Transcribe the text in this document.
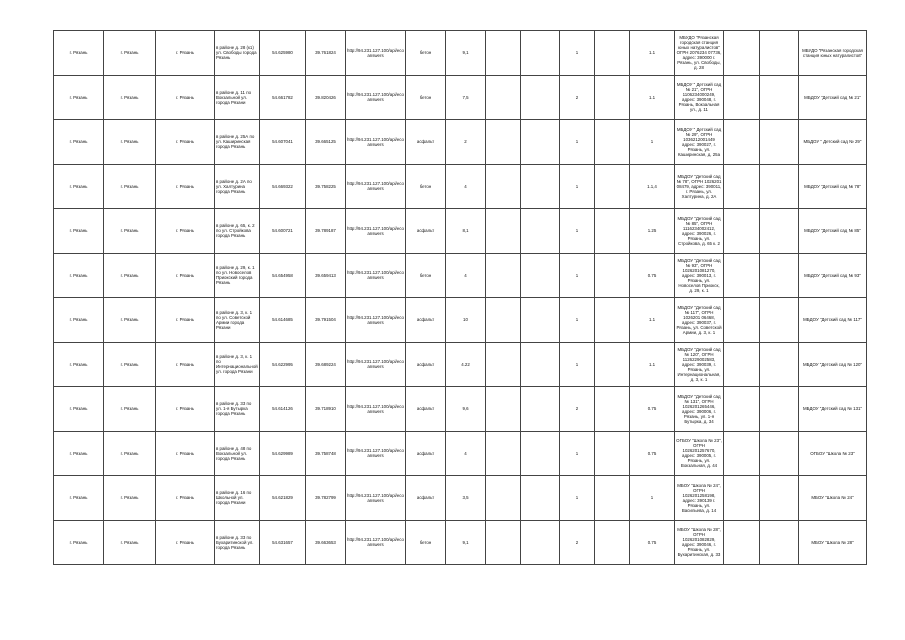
г. Рязань	г. Рязань	г. Рязань	в районе д. 28 (к1) ул. Свободы города Рязань	54.625980	39.761824	http://94.231.127.100/api/ecoanswers	бетон	9,1			1		1.1	МБУДО "Рязанская городская станция юных натуралистов" ОГРН 2076234 07736, адрес: 390000 г. Рязань, ул. Свободы, д. 28			МБУДО "Рязанская городская станция юных натуралистов"
г. Рязань	г. Рязань	г. Рязань	в районе д. 11 по Вокзальной ул. города Рязани	54.661782	39.820426	http://94.231.127.100/api/ecoanswers	бетон	7,5			2		1.1	МБДОУ " Детский сад № 21", ОГРН 1106234000249, адрес: 390048, г. Рязань, Вокзальная ул., д. 11			МБДОУ "Детский сад № 21"
г. Рязань	г. Рязань	г. Рязань	в районе д. 25А по ул. Каширинская города Рязань	54.607041	39.665125	http://94.231.127.100/api/ecoanswers	асфальт	2			1		1	МБДОУ " Детский сад № 29", ОГРН 1036212001449 адрес: 390027, г. Рязань, ул. Каширинская, д. 25а			МБДОУ " Детский сад № 29"
г. Рязань	г. Рязань	г. Рязань	в районе д. 2А по ул. Халтурина города Рязань	54.669322	39.758225	http://94.231.127.100/api/ecoanswers	бетон	4			1		1.1,4	МБДОУ "Детский сад № 78", ОГРН 1026201 08479, адрес: 390011, г. Рязань, ул. Халтурина, д. 2А			МБДОУ "Детский сад № 78"
г. Рязань	г. Рязань	г. Рязань	в районе д. 65, к. 2 по ул. Стройкова города Рязань	54.600721	39.789187	http://94.231.127.100/api/ecoanswers	асфальт	8,1			1		1.25	МБДОУ "Детский сад № 85", ОГРН 1116234002412, адрес: 390026, г. Рязань, ул. Стройкова, д. 65 к. 2			МБДОУ "Детский сад № 85"
г. Рязань	г. Рязань	г. Рязань	в районе д. 29, к. 1 по ул. Новоселов Приокский города Рязань	54.654958	39.659413	http://94.231.127.100/api/ecoanswers	бетон	4			1		0.75	МБДОУ "Детский сад № 93", ОГРН 1026201081270, адрес: 390013, г. Рязань, ул. Новоселов Приокск, д. 29, к. 1			МБДОУ "Детский сад № 93"
г. Рязань	г. Рязань	г. Рязань	в районе д. 3, к. 1 по ул. Советской Армии города Рязани	54.614685	39.791504	http://94.231.127.100/api/ecoanswers	асфальт	10			1		1.1	МБДОУ "Детский сад № 117", ОГРН 1026201 06468, адрес: 390037, г. Рязань, ул. Советской Армии, д. 3, к. 1			МБДОУ "Детский сад № 117"
г. Рязань	г. Рязань	г. Рязань	в районе д. 3, к. 1 по Интернациональной ул. города Рязани	54.622995	39.689224	http://94.231.127.100/api/ecoanswers	асфальт	4.22			1		1.1	МБДОУ "Детский сад № 120", ОГРН 1126229002583, адрес: 390039, г. Рязань, ул. Интернациональная, д. 3, к. 1			МБДОУ "Детский сад № 120"
г. Рязань	г. Рязань	г. Рязань	в районе д. 33 по ул. 1-я Бутырка города Рязань	54.614126	39.718910	http://94.231.127.100/api/ecoanswers	асфальт	9,6			2		0.75	МБДОУ "Детский сад № 131", ОГРН 1026201265446, адрес: 390006, г. Рязань, ул. 1-я Бутырка, д. 34			МБДОУ "Детский сад № 131"
г. Рязань	г. Рязань	г. Рязань	в районе д. 48 по Вокзальной ул. города Рязань	54.629989	39.758748	http://94.231.127.100/api/ecoanswers	асфальт	4			1		0.75	ОГБОУ "Школа № 23", ОГРН 1026201257670, адрес: 390005, г. Рязань, ул. Вокзальная, д. 44			ОГБОУ "Школа № 23"
г. Рязань	г. Рязань	г. Рязань	в районе д. 16 по Школьной ул. города Рязани	54.621829	39.782799	http://94.231.127.100/api/ecoanswers	асфальт	3,5			1		1	МБОУ "Школа № 24", ОГРН 1026201258198, адрес: 390139 г. Рязань, ул. Васильева, д. 14			МБОУ "Школа № 24"
г. Рязань	г. Рязань	г. Рязань	в районе д. 33 по Бухаритинской ул. города Рязань	54.631657	39.663653	http://94.231.127.100/api/ecoanswers	бетон	9,1			2		0.75	МБОУ "Школа № 28", ОГРН 1026201082829, адрес: 390046, г. Рязань, ул. Бухаритинская, д. 33			МБОУ "Школа № 28"
